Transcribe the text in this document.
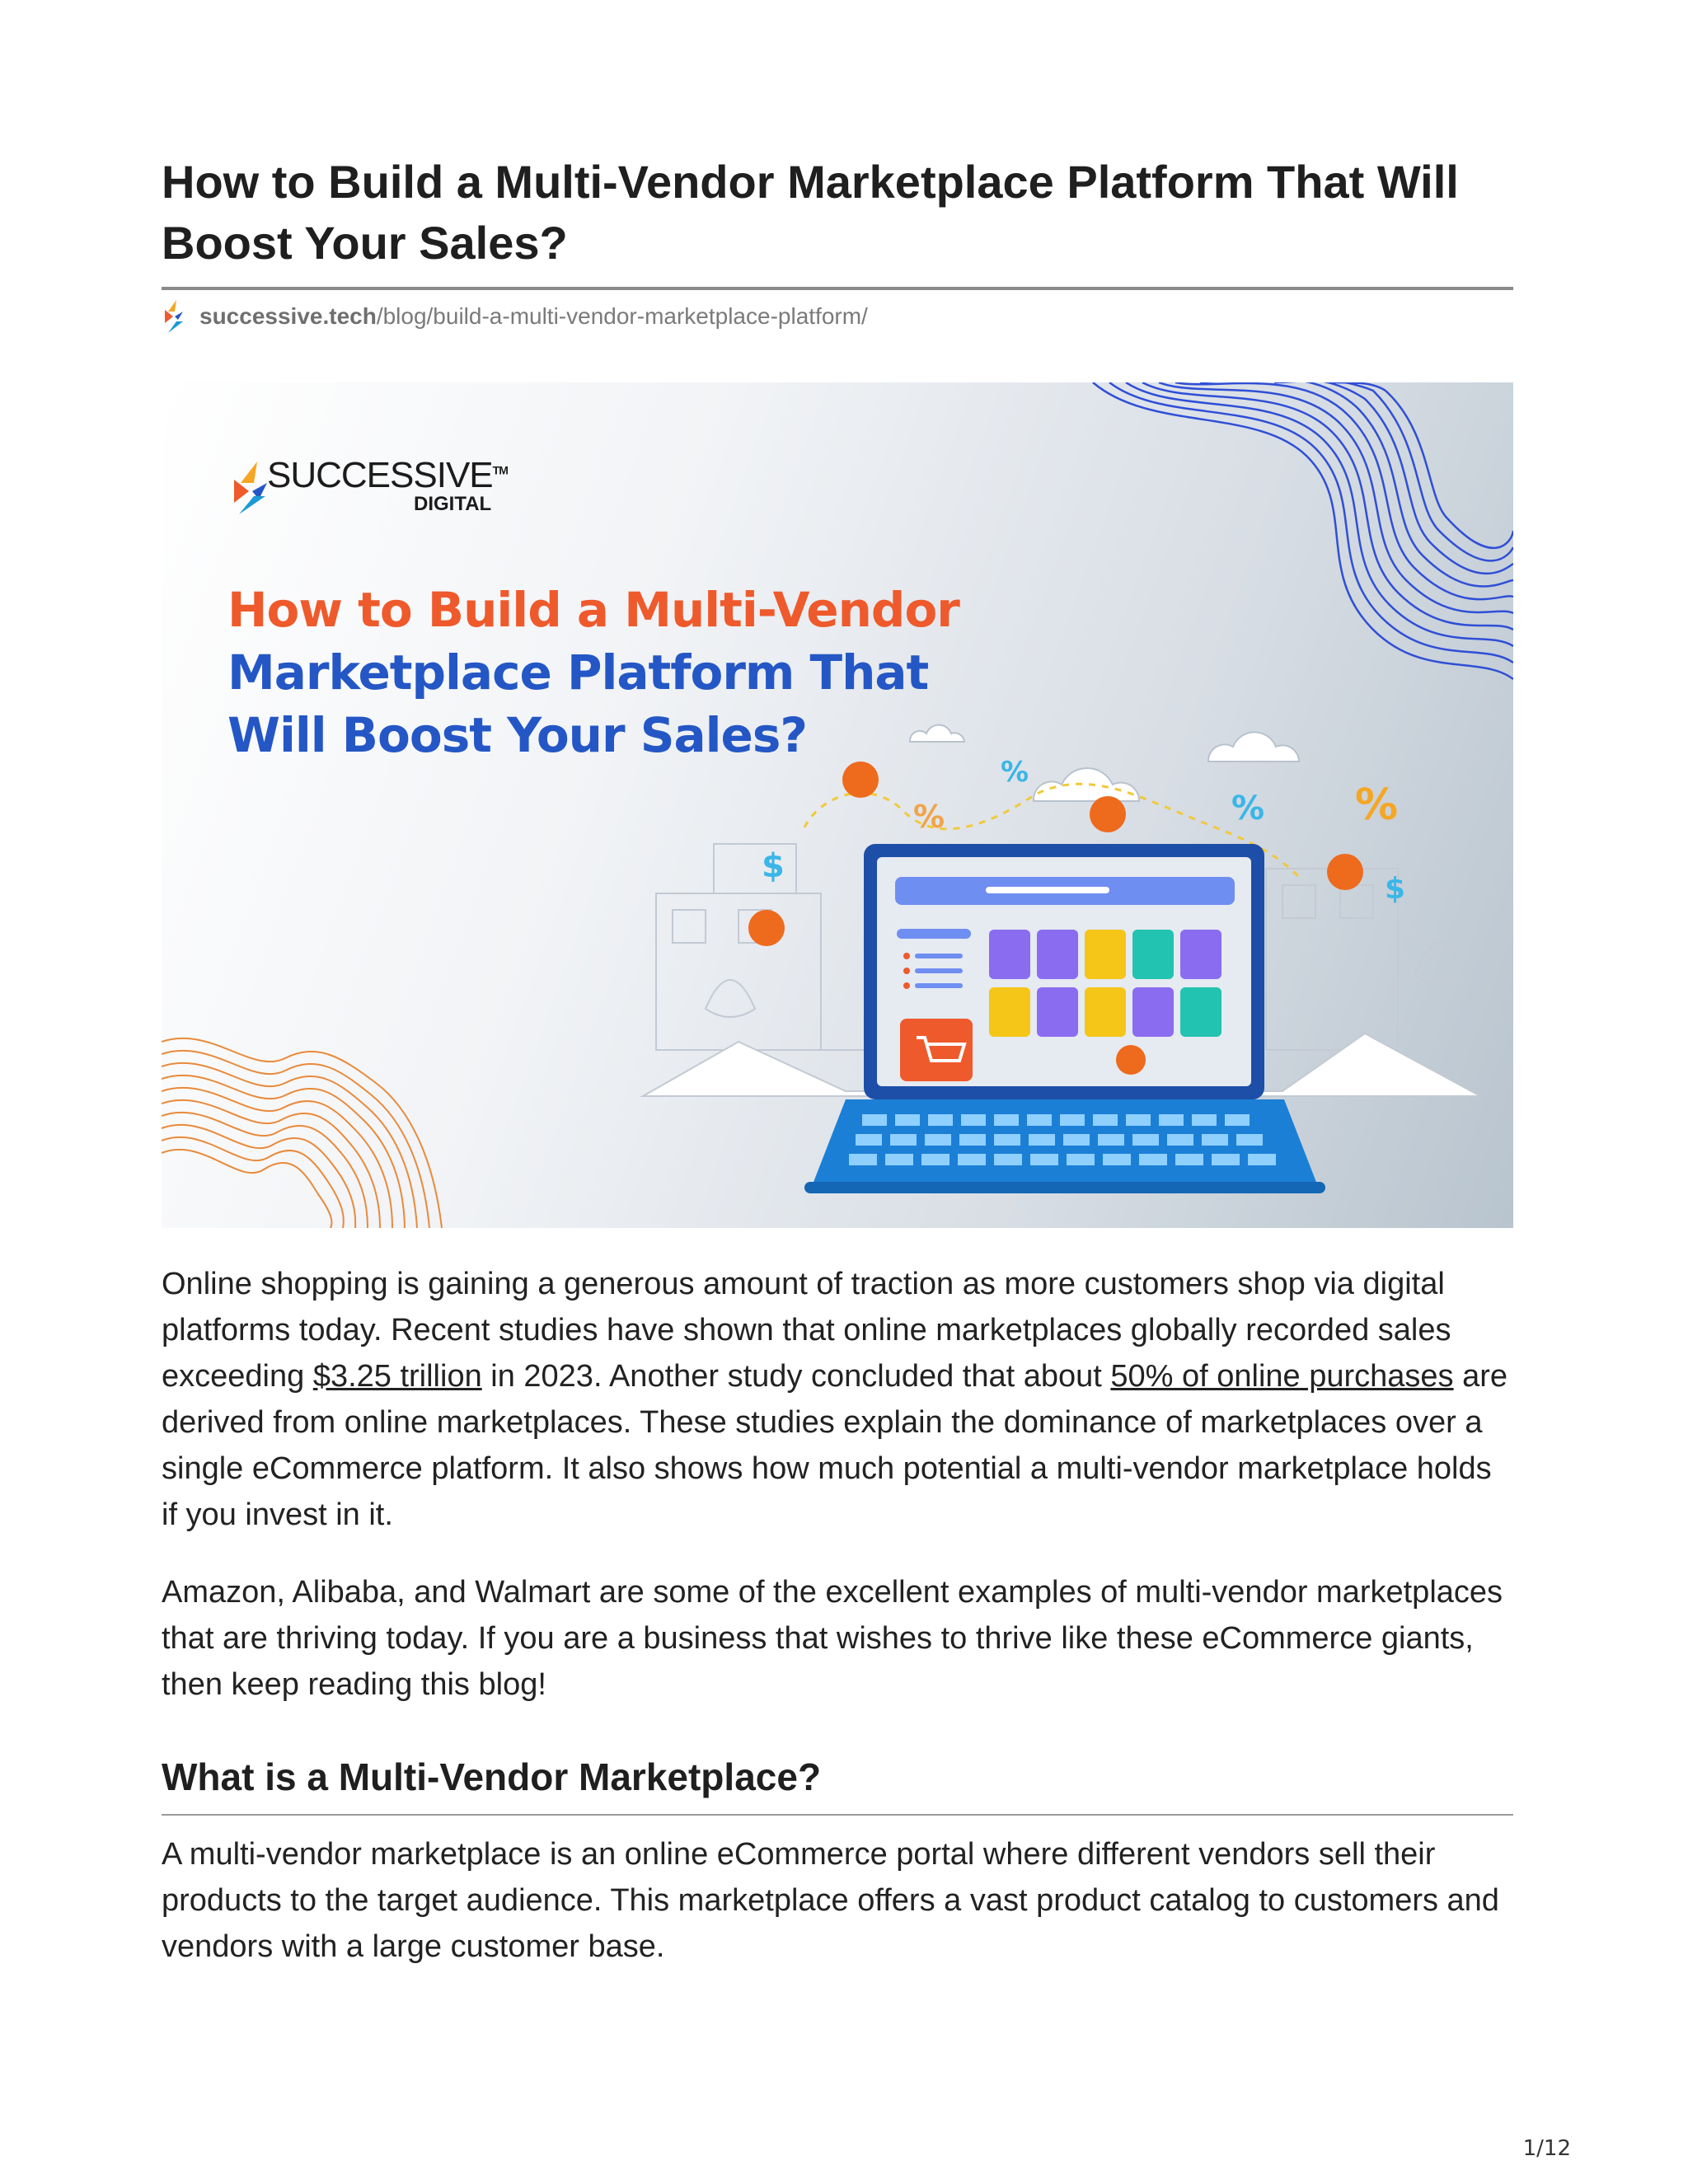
How to Build a Multi-Vendor Marketplace Platform That Will Boost Your Sales?
successive.tech /blog/build-a-multi-vendor-marketplace-platform/
$
%
%
% %
$
SUCCESSIVE™
DIGITAL
How to Build a Multi-Vendor
Marketplace Platform That
Will Boost Your Sales?

Online shopping is gaining a generous amount of traction as more customers shop via digital platforms today. Recent studies have shown that online marketplaces globally recorded sales exceeding $3.25 trillion in 2023. Another study concluded that about 50% of online purchases are derived from online marketplaces. These studies explain the dominance of marketplaces over a single eCommerce platform. It also shows how much potential a multi-vendor marketplace holds if you invest in it.

Amazon, Alibaba, and Walmart are some of the excellent examples of multi-vendor marketplaces that are thriving today. If you are a business that wishes to thrive like these eCommerce giants, then keep reading this blog!

What is a Multi-Vendor Marketplace?

A multi-vendor marketplace is an online eCommerce portal where different vendors sell their products to the target audience. This marketplace offers a vast product catalog to customers and vendors with a large customer base.

1/12
